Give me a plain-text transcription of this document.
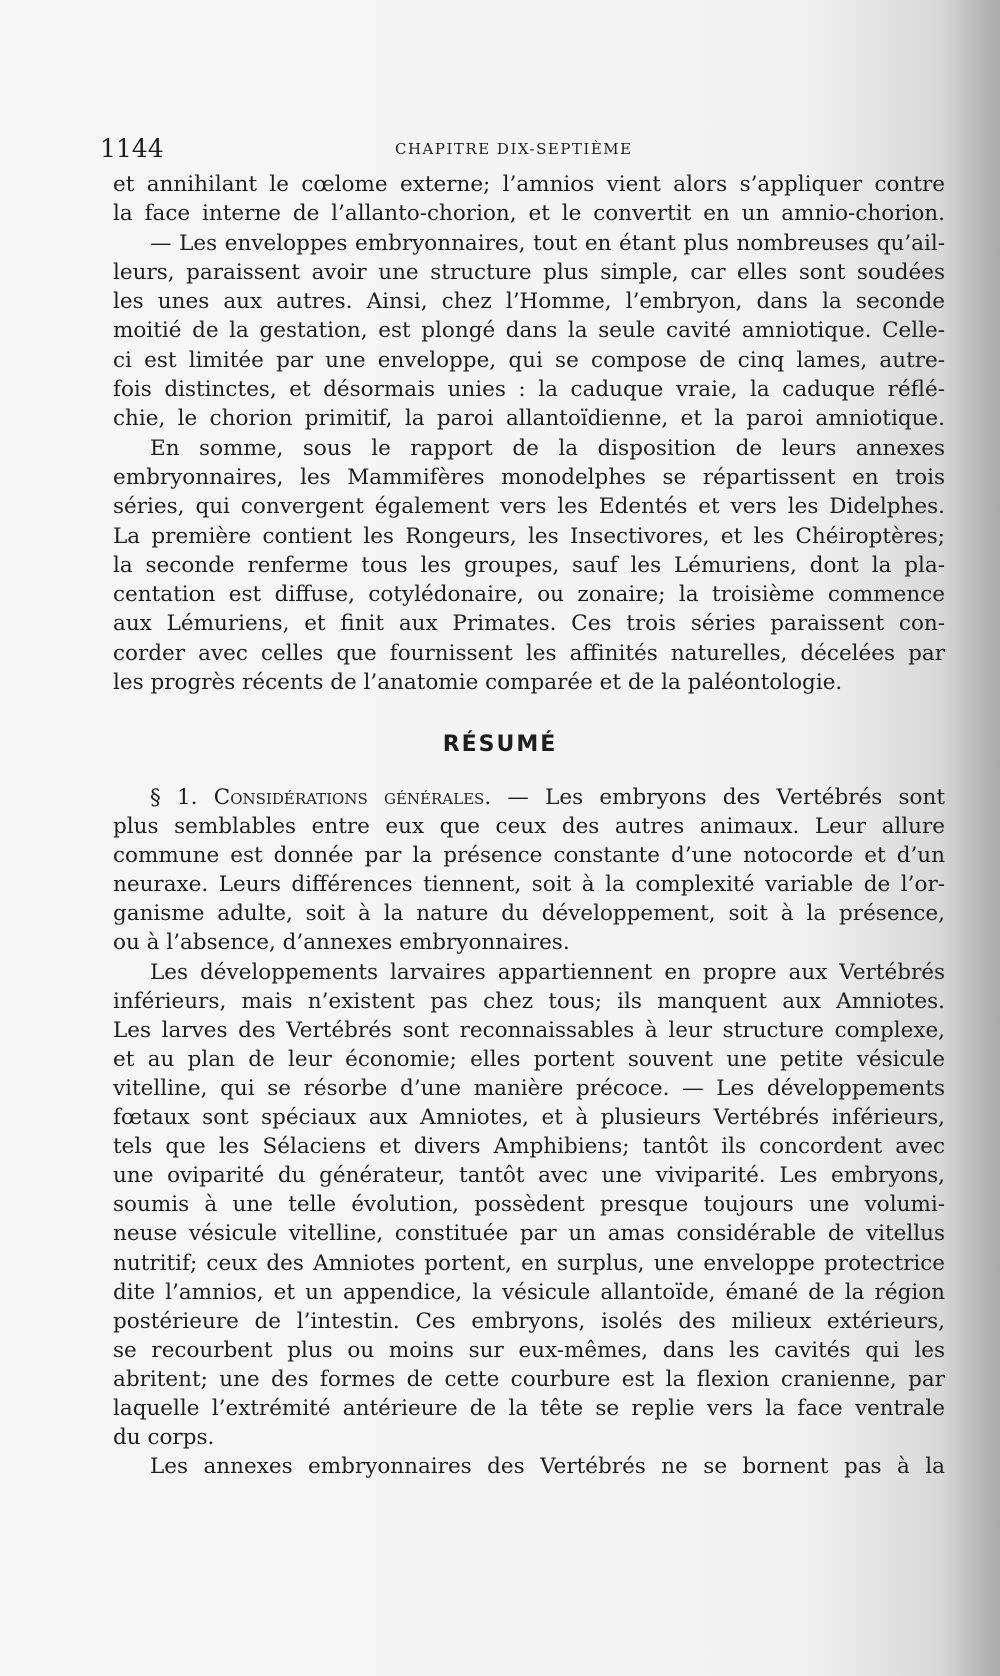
1144	CHAPITRE DIX-SEPTIÈME
et annihilant le cœlome externe; l’amnios vient alors s’appliquer contre
la face interne de l’allanto-chorion, et le convertit en un amnio-chorion.
— Les enveloppes embryonnaires, tout en étant plus nombreuses qu’ail-
leurs, paraissent avoir une structure plus simple, car elles sont soudées
les unes aux autres. Ainsi, chez l’Homme, l’embryon, dans la seconde
moitié de la gestation, est plongé dans la seule cavité amniotique. Celle-
ci est limitée par une enveloppe, qui se compose de cinq lames, autre-
fois distinctes, et désormais unies : la caduque vraie, la caduque réflé-
chie, le chorion primitif, la paroi allantoïdienne, et la paroi amniotique.
En somme, sous le rapport de la disposition de leurs annexes
embryonnaires, les Mammifères monodelphes se répartissent en trois
séries, qui convergent également vers les Edentés et vers les Didelphes.
La première contient les Rongeurs, les Insectivores, et les Chéiroptères;
la seconde renferme tous les groupes, sauf les Lémuriens, dont la pla-
centation est diffuse, cotylédonaire, ou zonaire; la troisième commence
aux Lémuriens, et finit aux Primates. Ces trois séries paraissent con-
corder avec celles que fournissent les affinités naturelles, décelées par
les progrès récents de l’anatomie comparée et de la paléontologie.
RÉSUMÉ
§ 1. Considérations générales. — Les embryons des Vertébrés sont
plus semblables entre eux que ceux des autres animaux. Leur allure
commune est donnée par la présence constante d’une notocorde et d’un
neuraxe. Leurs différences tiennent, soit à la complexité variable de l’or-
ganisme adulte, soit à la nature du développement, soit à la présence,
ou à l’absence, d’annexes embryonnaires.
Les développements larvaires appartiennent en propre aux Vertébrés
inférieurs, mais n’existent pas chez tous; ils manquent aux Amniotes.
Les larves des Vertébrés sont reconnaissables à leur structure complexe,
et au plan de leur économie; elles portent souvent une petite vésicule
vitelline, qui se résorbe d’une manière précoce. — Les développements
fœtaux sont spéciaux aux Amniotes, et à plusieurs Vertébrés inférieurs,
tels que les Sélaciens et divers Amphibiens; tantôt ils concordent avec
une oviparité du générateur, tantôt avec une viviparité. Les embryons,
soumis à une telle évolution, possèdent presque toujours une volumi-
neuse vésicule vitelline, constituée par un amas considérable de vitellus
nutritif; ceux des Amniotes portent, en surplus, une enveloppe protectrice
dite l’amnios, et un appendice, la vésicule allantoïde, émané de la région
postérieure de l’intestin. Ces embryons, isolés des milieux extérieurs,
se recourbent plus ou moins sur eux-mêmes, dans les cavités qui les
abritent; une des formes de cette courbure est la flexion cranienne, par
laquelle l’extrémité antérieure de la tête se replie vers la face ventrale
du corps.
Les annexes embryonnaires des Vertébrés ne se bornent pas à la
